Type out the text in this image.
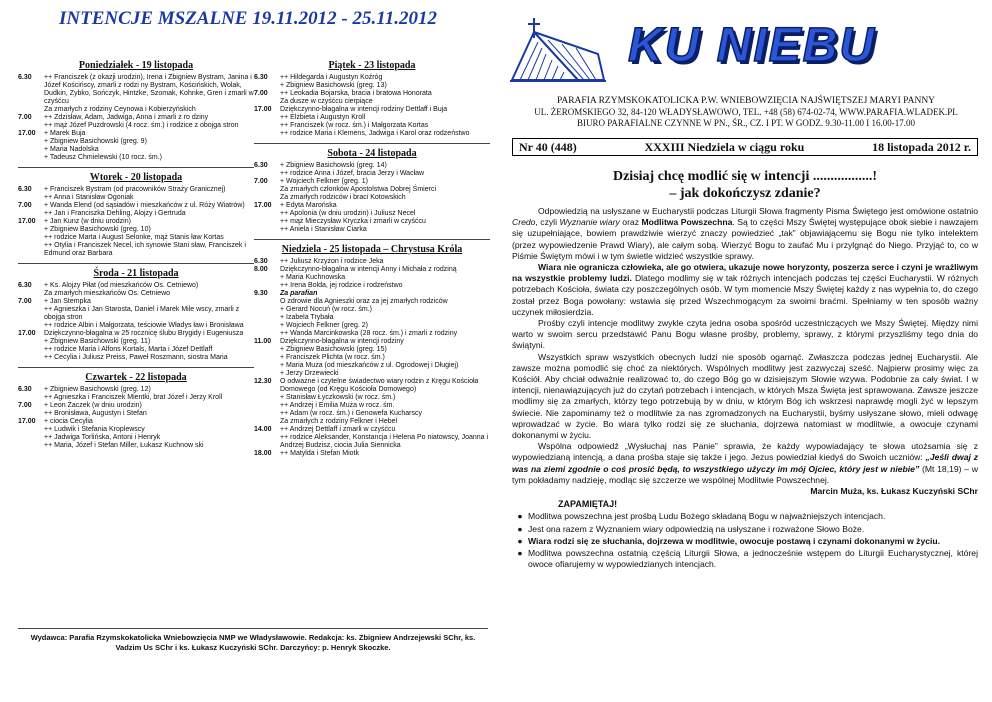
INTENCJE MSZALNE 19.11.2012 - 25.11.2012
Poniedziałek - 19 listopada
6.30	++ Franciszek (z okazji urodzin), Irena i Zbigniew Bystram, Janina i Józef Kościńscy, zmarli z rodzi ny Bystram, Kościńskich, Wolak, Dudkin, Zybko, Sończyk, Hintzke, Szomak, Kohnke, Gren i zmarli w czyśćcu
Za zmarłych z rodziny Ceynowa i Kobierzyńskich
7.00	++ Zdzisław, Adam, Jadwiga, Anna i zmarli z ro dziny
++ mąż Józef Puzdrowski (4 rocz. śm.) i rodzice z obojga stron
17.00	+ Marek Buja
+ Zbigniew Basichowski (greg. 9)
+ Maria Nadolska
+ Tadeusz Chmielewski (10 rocz. śm.)
Wtorek - 20 listopada
6.30	+ Franciszek Bystram (od pracowników Straży Granicznej)
++ Anna i Stanisław Ogoniak
7.00	+ Wanda Elend (od sąsiadów i mieszkańców z ul. Róży Wiatrów)
++ Jan i Franciszka Dehling, Alojzy i Gertruda
17.00	+ Jan Kunz (w dniu urodzin)
+ Zbigniew Basichowski (greg. 10)
++ rodzice Marta i August Selonke, mąż Stanis ław Kortas
++ Otylia i Franciszek Necel, ich synowie Stani sław, Franciszek i Edmund oraz Barbara
Środa - 21 listopada
6.30	+ Ks. Alojzy Piłat (od mieszkańców Os. Cetniewo)
Za zmarłych mieszkańców Os. Cetniewo
7.00	+ Jan Stempka
++ Agnieszka i Jan Starosta, Daniel i Marek Mile wscy, zmarli z obojga stron
++ rodzice Albin i Małgorzata, teściowie Władys ław i Bronisława
17.00	Dziękczynno-błagalna w 25 rocznicę ślubu Brygidy i Eugeniusza
+ Zbigniew Basichowski (greg. 11)
++ rodzice Maria i Alfons Kortals, Marta i Józef Dettlaff
++ Cecylia i Juliusz Preiss, Paweł Roszmann, siostra Maria
Czwartek - 22 listopada
6.30	+ Zbigniew Basichowski (greg. 12)
++ Agnieszka i Franciszek Mientki, brat Józef i Jerzy Kroll
7.00	+ Leon Żaczek (w dniu urodzin)
++ Bronisława, Augustyn i Stefan
17.00	+ ciocia Cecylia
++ Ludwik i Stefania Kroplewscy
++ Jadwiga Torlińska, Antoni i Henryk
++ Maria, Józef i Stefan Miller, Łukasz Kuchnow ski
Piątek - 23 listopada
6.30	++ Hildegarda i Augustyn Koźróg
+ Zbigniew Basichowski (greg. 13)
7.00	++ Leokadia Bojarska, bracia i bratowa Honorata
Za dusze w czyśćcu cierpiące
17.00	Dziękczynno-błagalna w intencji rodziny Dettlaff i Buja
++ Elżbieta i Augustyn Kroll
++ Franciszek (w rocz. śm.) i Małgorzata Kortas
++ rodzice Maria i Klemens, Jadwiga i Karol oraz rodzeństwo
Sobota - 24 listopada
6.30	+ Zbigniew Basichowski (greg. 14)
++ rodzice Anna i Józef, bracia Jerzy i Wacław
7.00	+ Wojciech Felkner (greg. 1)
Za zmarłych członków Apostolstwa Dobrej Śmierci
Za zmarłych rodziców i braci Kotowskich
17.00	+ Edyta Marońska
++ Apolonia (w dniu urodzin) i Juliusz Necel
++ mąż Mieczysław Kryczka i zmarli w czyśćcu
++ Aniela i Stanisław Ciarka
Niedziela - 25 listopada – Chrystusa Króla
6.30	++ Juliusz Krzyżon i rodzice Jeka
8.00	Dziękczynno-błagalna w intencji Anny i Michała z rodziną
+ Maria Kuchnowska
++ Irena Bolda, jej rodzice i rodzeństwo
9.30	Za parafian
O zdrowie dla Agnieszki oraz za jej zmarłych rodziców
+ Gerard Nocuń (w rocz. śm.)
+ Izabela Trybała
+ Wojciech Felkner (greg. 2)
++ Wanda Marcinkowska (28 rocz. śm.) i zmarli z rodziny
11.00	Dziękczynno-błagalna w intencji rodziny
+ Zbigniew Basichowski (greg. 15)
+ Franciszek Plichta (w rocz. śm.)
+ Maria Muza (od mieszkańców z ul. Ogrodowej i Długiej)
+ Jerzy Drzewiecki
12.30	O odważne i czytelne świadectwo wiary rodzin z Kręgu Kościoła Domowego (od Kręgu Kościoła Domowego)
+ Stanisław Łyczkowski (w rocz. śm.)
++ Andrzej i Emilia Muża w rocz. śm.
++ Adam (w rocz. śm.) i Genowefa Kucharscy
Za zmarłych z rodziny Felkner i Hebel
14.00	++ Andrzej Dettlaff i zmarli w czyśćcu
++ rodzice Aleksander, Konstancja i Helena Po niatowscy, Joanna i Andrzej Budzisz, ciocia Julia Siennicka
18.00	++ Matylda i Stefan Miotk
Wydawca: Parafia Rzymskokatolicka Wniebowzięcia NMP we Władysławowie. Redakcja: ks. Zbigniew Andrzejewski SChr, ks. Vadzim Us SChr i ks. Łukasz Kuczyński SChr. Darczyńcy: p. Henryk Skoczke.
KU NIEBU
PARAFIA RZYMSKOKATOLICKA P.W. WNIEBOWZIĘCIA NAJŚWIĘTSZEJ MARYI PANNY
UL. ŻEROMSKIEGO 32, 84-120 WŁADYSŁAWOWO, TEL. +48 (58) 674-02-74, WWW.PARAFIA.WLADEK.PL
BIURO PARAFIALNE CZYNNE W PN., ŚR., CZ. I PT. W GODZ. 9.30-11.00 I 16.00-17.00
Nr 40 (448)	XXXIII Niedziela w ciągu roku	18 listopada 2012 r.
Dzisiaj chcę modlić się w intencji .................!
– jak dokończysz zdanie?

Odpowiedzią na usłyszane w Eucharystii podczas Liturgii Słowa fragmenty Pisma Świętego jest omówione ostatnio Credo, czyli Wyznanie wiary oraz Modlitwa Powszechna. Są to części Mszy Świętej występujące obok siebie i nawzajem się uzupełniające, bowiem prawdziwie wierzyć znaczy powiedzieć „tak” objawiającemu się Bogu nie tylko intelektem (przez wypowiedzenie Prawd Wiary), ale całym sobą. Wierzyć Bogu to zaufać Mu i przylgnąć do Niego. Przyjąć to, co w Piśmie Świętym mówi i w tym świetle widzieć wszystkie sprawy.

Wiara nie ogranicza człowieka, ale go otwiera, ukazuje nowe horyzonty, poszerza serce i czyni je wrażliwym na wszystkie problemy ludzi. Dlatego modlimy się w tak różnych intencjach podczas tej części Eucharystii. W różnych potrzebach Kościoła, świata czy poszczególnych osób. W tym momencie Mszy Świętej każdy z nas wypełnia to, do czego został przez Boga powołany: wstawia się przed Wszechmogącym za swoimi braćmi. Spełniamy w ten sposób ważny uczynek miłosierdzia.

Prośby czyli intencje modlitwy zwykle czyta jedna osoba spośród uczestniczących we Mszy Świętej. Między nimi warto w swoim sercu przedstawić Panu Bogu własne prośby, problemy, sprawy, z którymi przyszliśmy tego dnia do świątyni.

Wszystkich spraw wszystkich obecnych ludzi nie sposób ogarnąć. Zwłaszcza podczas jednej Eucharystii. Ale zawsze można pomodlić się choć za niektórych. Wspólnych modlitwy jest zazwyczaj sześć. Najpierw prosimy więc za Kościół. Aby chciał odważnie realizować to, do czego Bóg go w dzisiejszym Słowie wzywa. Podobnie za cały świat. I w intencji, nienawiązujących już do czytań potrzebach i intencjach, w których Msza Święta jest sprawowana. Zawsze jeszcze modlimy się za zmarłych, którzy tego potrzebują by w dniu, w którym Bóg ich wskrzesi naprawdę mogli żyć w lepszym świecie. Nie zapominamy też o modlitwie za nas zgromadzonych na Eucharystii, byśmy usłyszane słowo, mieli odwagę wprowadzać w życie. Bo wiara tylko rodzi się ze słuchania, dojrzewa natomiast w modlitwie, a owocuje czynami dokonanymi w życiu.

Wspólna odpowiedź „Wysłuchaj nas Panie” sprawia, że każdy wypowiadający te słowa utożsamia się z wypowiedzianą intencją, a dana prośba staje się także i jego. Jezus powiedział kiedyś do Swoich uczniów: „Jeśli dwaj z was na ziemi zgodnie o coś prosić będą, to wszystkiego użyczy im mój Ojciec, który jest w niebie” (Mt 18,19) – w tym pokładamy nadzieję, modląc się szczerze we wspólnej Modlitwie Powszechnej.

Marcin Muża, ks. Łukasz Kuczyński SChr
ZAPAMIĘTAJ!
● Modlitwa powszechna jest prośbą Ludu Bożego składaną Bogu w najważniejszych intencjach.
● Jest ona razem z Wyznaniem wiary odpowiedzią na usłyszane i rozważone Słowo Boże.
● Wiara rodzi się ze słuchania, dojrzewa w modlitwie, owocuje postawą i czynami dokonanymi w życiu.
● Modlitwa powszechna ostatnią częścią Liturgii Słowa, a jednocześnie wstępem do Liturgii Eucharystycznej, której owoce ofiarujemy w wypowiedzianych intencjach.
